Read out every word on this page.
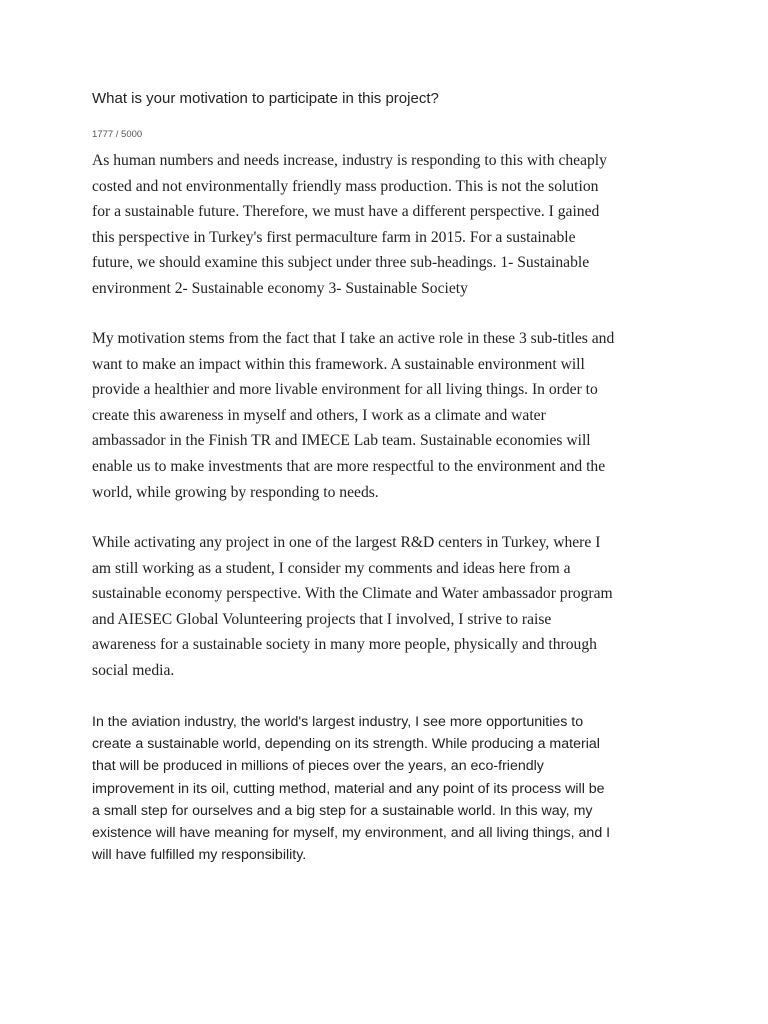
What is your motivation to participate in this project?
1777 / 5000
As human numbers and needs increase, industry is responding to this with cheaply
costed and not environmentally friendly mass production. This is not the solution
for a sustainable future. Therefore, we must have a different perspective. I gained
this perspective in Turkey's first permaculture farm in 2015. For a sustainable
future, we should examine this subject under three sub-headings. 1- Sustainable
environment 2- Sustainable economy 3- Sustainable Society
My motivation stems from the fact that I take an active role in these 3 sub-titles and
want to make an impact within this framework. A sustainable environment will
provide a healthier and more livable environment for all living things. In order to
create this awareness in myself and others, I work as a climate and water
ambassador in the Finish TR and IMECE Lab team. Sustainable economies will
enable us to make investments that are more respectful to the environment and the
world, while growing by responding to needs.
While activating any project in one of the largest R&D centers in Turkey, where I
am still working as a student, I consider my comments and ideas here from a
sustainable economy perspective. With the Climate and Water ambassador program
and AIESEC Global Volunteering projects that I involved, I strive to raise
awareness for a sustainable society in many more people, physically and through
social media.
In the aviation industry, the world's largest industry, I see more opportunities to
create a sustainable world, depending on its strength. While producing a material
that will be produced in millions of pieces over the years, an eco-friendly
improvement in its oil, cutting method, material and any point of its process will be
a small step for ourselves and a big step for a sustainable world. In this way, my
existence will have meaning for myself, my environment, and all living things, and I
will have fulfilled my responsibility.
